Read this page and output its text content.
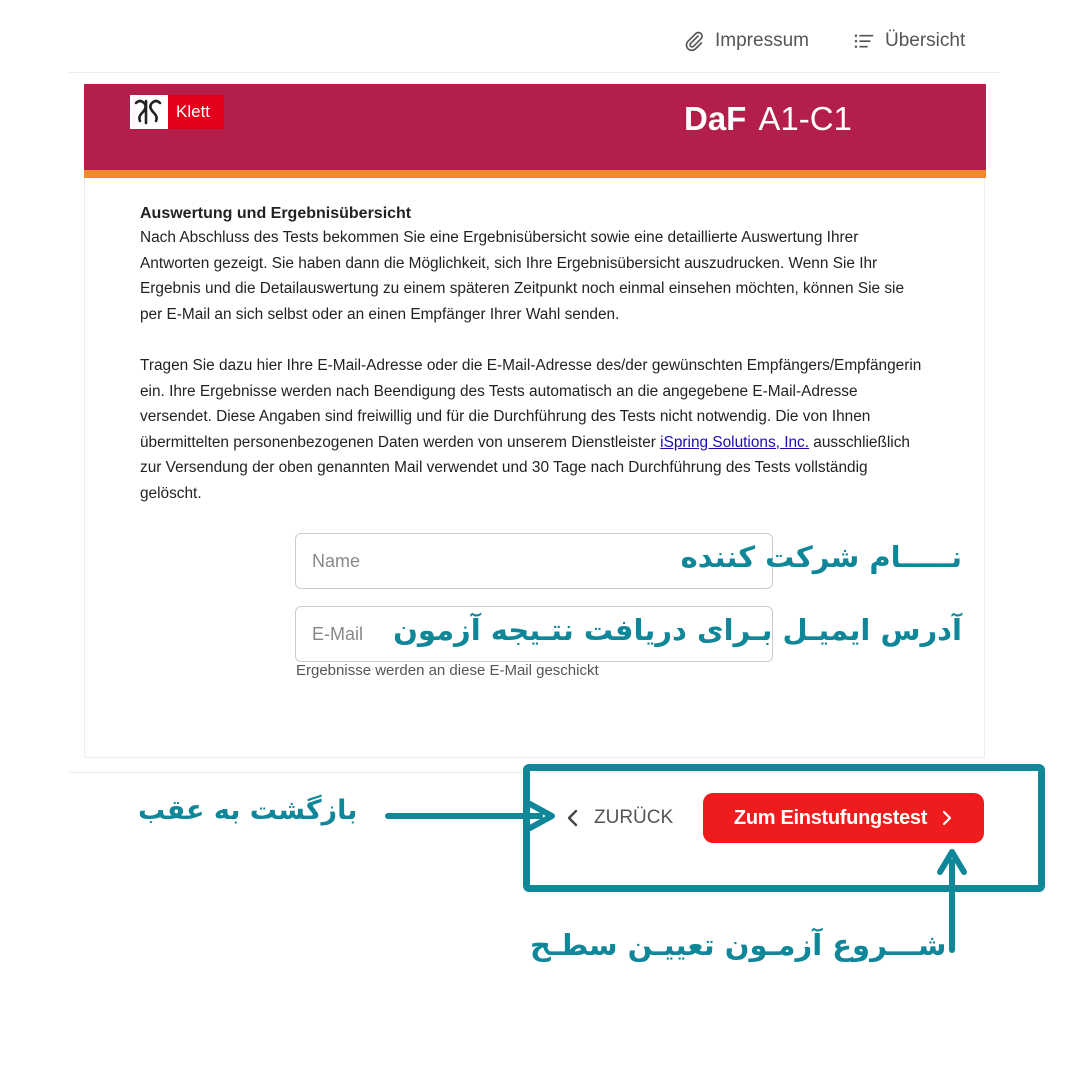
Impressum	Übersicht
Klett	DaF A1-C1
Auswertung und Ergebnisübersicht

Nach Abschluss des Tests bekommen Sie eine Ergebnisübersicht sowie eine detaillierte Auswertung Ihrer Antworten gezeigt. Sie haben dann die Möglichkeit, sich Ihre Ergebnisübersicht auszudrucken. Wenn Sie Ihr Ergebnis und die Detailauswertung zu einem späteren Zeitpunkt noch einmal einsehen möchten, können Sie sie per E-Mail an sich selbst oder an einen Empfänger Ihrer Wahl senden.

Tragen Sie dazu hier Ihre E-Mail-Adresse oder die E-Mail-Adresse des/der gewünschten Empfängers/Empfängerin ein. Ihre Ergebnisse werden nach Beendigung des Tests automatisch an die angegebene E-Mail-Adresse versendet. Diese Angaben sind freiwillig und für die Durchführung des Tests nicht notwendig. Die von Ihnen übermittelten personenbezogenen Daten werden von unserem Dienstleister iSpring Solutions, Inc. ausschließlich zur Versendung der oben genannten Mail verwendet und 30 Tage nach Durchführung des Tests vollständig gelöscht.

Name
E-Mail
Ergebnisse werden an diese E-Mail geschickt
نـــــام شرکت کننده
آدرس ایمیـل بـرای دریافت نتـیجه آزمون
بازگشت به عقب
شـــروع آزمـون تعییـن سطـح
ZURÜCK	Zum Einstufungstest
